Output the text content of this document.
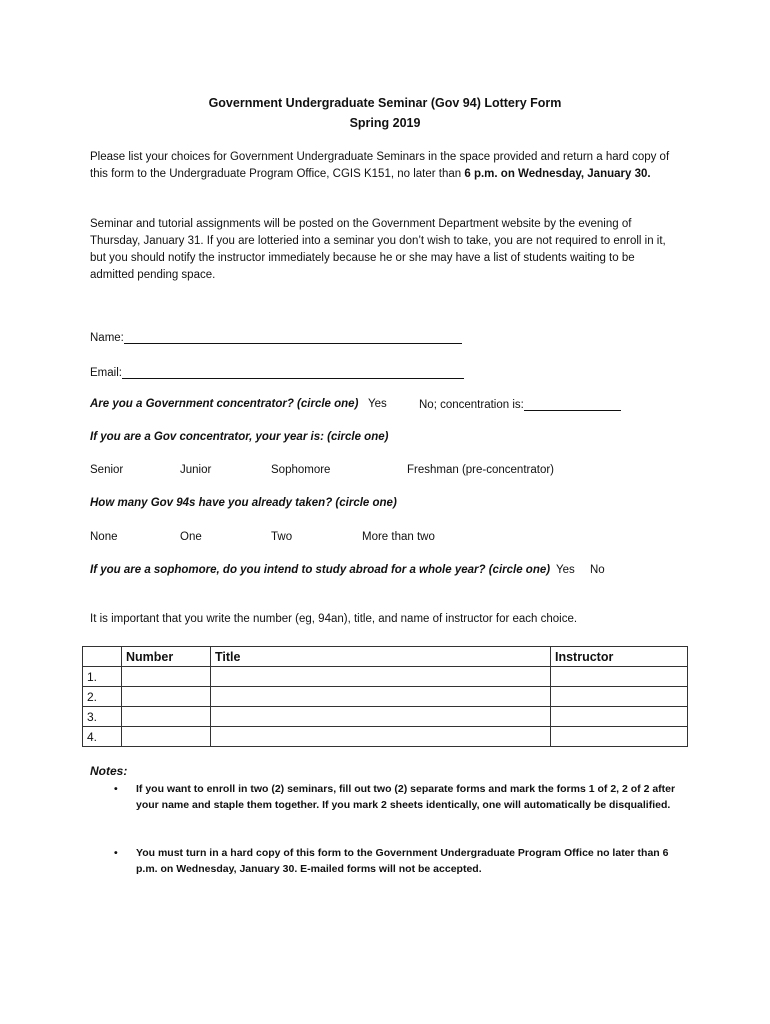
Government Undergraduate Seminar (Gov 94) Lottery Form
Spring 2019
Please list your choices for Government Undergraduate Seminars in the space provided and return a hard copy of this form to the Undergraduate Program Office, CGIS K151, no later than 6 p.m. on Wednesday, January 30.
Seminar and tutorial assignments will be posted on the Government Department website by the evening of Thursday, January 31. If you are lotteried into a seminar you don’t wish to take, you are not required to enroll in it, but you should notify the instructor immediately because he or she may have a list of students waiting to be admitted pending space.
Name:
Email:
Are you a Government concentrator? (circle one) Yes	No; concentration is:
If you are a Gov concentrator, your year is: (circle one)
Senior	Junior	Sophomore	Freshman (pre-concentrator)
How many Gov 94s have you already taken? (circle one)
None	One	Two	More than two
If you are a sophomore, do you intend to study abroad for a whole year? (circle one) Yes No
It is important that you write the number (eg, 94an), title, and name of instructor for each choice.
	Number	Title	Instructor
1.			
2.			
3.			
4.			
Notes:
• If you want to enroll in two (2) seminars, fill out two (2) separate forms and mark the forms 1 of 2, 2 of 2 after your name and staple them together. If you mark 2 sheets identically, one will automatically be disqualified.
• You must turn in a hard copy of this form to the Government Undergraduate Program Office no later than 6 p.m. on Wednesday, January 30. E-mailed forms will not be accepted.
